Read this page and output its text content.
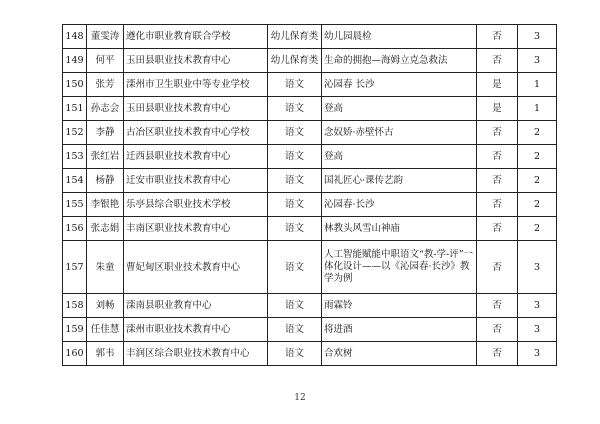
148	董雯涛	遵化市职业教育联合学校	幼儿保育类	幼儿园晨检	否	3
149	何平	玉田县职业技术教育中心	幼儿保育类	生命的拥抱—海姆立克急救法	否	3
150	张芳	滦州市卫生职业中等专业学校	语文	沁园春 长沙	是	1
151	孙志会	玉田县职业技术教育中心	语文	登高	是	1
152	李静	古冶区职业技术教育中心学校	语文	念奴娇·赤壁怀古	否	2
153	张红岩	迁西县职业技术教育中心	语文	登高	否	2
154	杨静	迁安市职业技术教育中心	语文	国礼匠心·课传艺韵	否	2
155	李银艳	乐亭县综合职业技术学校	语文	沁园春·长沙	否	2
156	张志娟	丰南区职业技术教育中心	语文	林教头风雪山神庙	否	2
157	朱童	曹妃甸区职业技术教育中心	语文	人工智能赋能中职语文“教-学-评”一体化设计——以《沁园春·长沙》教学为例	否	3
158	刘畅	滦南县职业教育中心	语文	雨霖铃	否	3
159	任佳慧	滦州市职业技术教育中心	语文	将进酒	否	3
160	郭韦	丰润区综合职业技术教育中心	语文	合欢树	否	3
12
